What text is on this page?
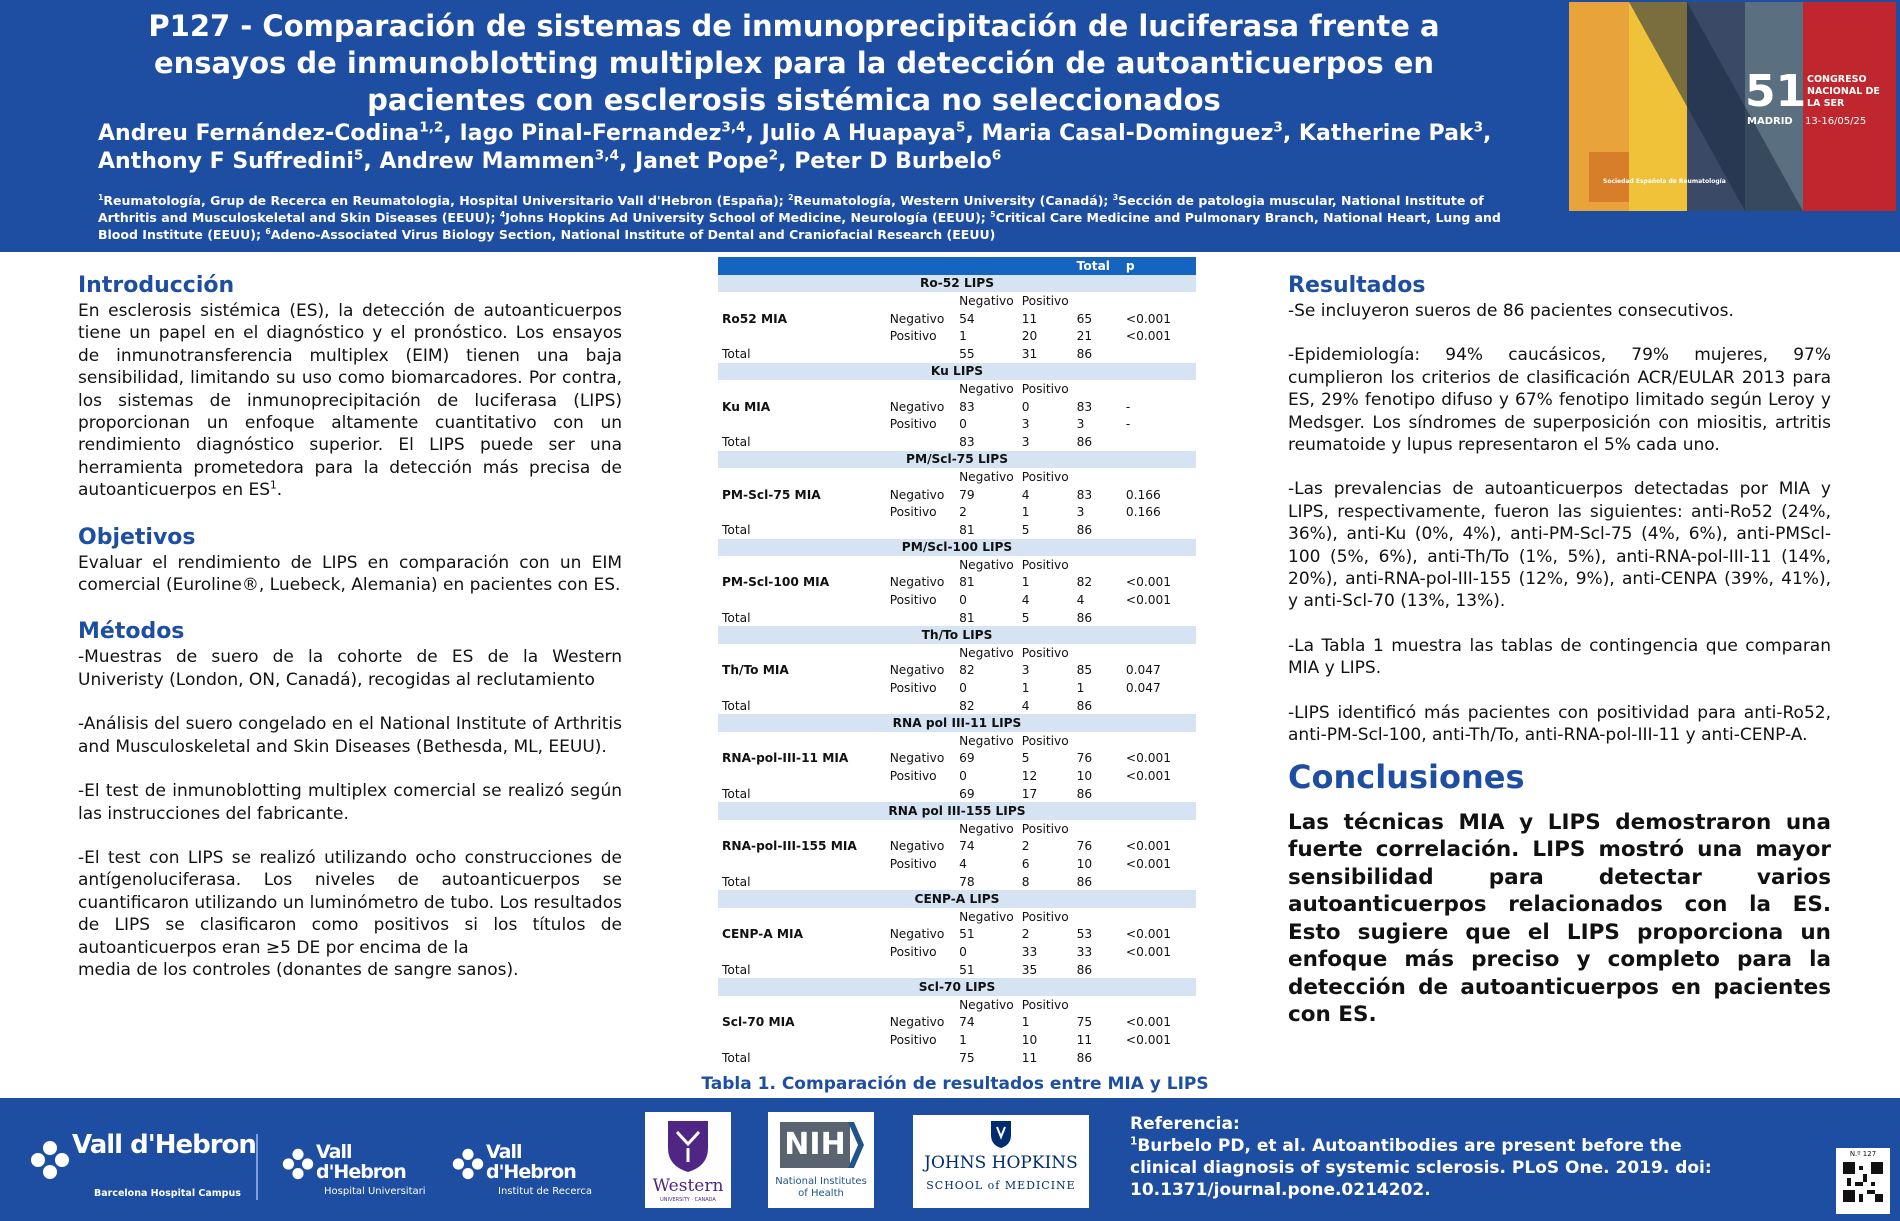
P127 - Comparación de sistemas de inmunoprecipitación de luciferasa frente a ensayos de inmunoblotting multiplex para la detección de autoanticuerpos en pacientes con esclerosis sistémica no seleccionados
Andreu Fernández-Codina$^{1,2}$, Iago Pinal-Fernandez$^{3,4}$, Julio A Huapaya$^5$, Maria Casal-Dominguez$^3$, Katherine Pak$^3$, Anthony F Suffredini$^5$, Andrew Mammen$^{3,4}$, Janet Pope$^2$, Peter D Burbelo$^6$
$^1$Reumatología, Grup de Recerca en Reumatologia, Hospital Universitario Vall d'Hebron (España); $^2$Reumatología, Western University (Canadá); $^3$Sección de patologia muscular, National Institute of Arthritis and Musculoskeletal and Skin Diseases (EEUU); $^4$Johns Hopkins Ad University School of Medicine, Neurología (EEUU); $^5$Critical Care Medicine and Pulmonary Branch, National Heart, Lung and Blood Institute (EEUU); $^6$Adeno-Associated Virus Biology Section, National Institute of Dental and Craniofacial Research (EEUU)
51 CONGRESO NACIONAL DE LA SER
MADRID 13-16/05/25
Sociedad Española de Reumatología
Introducción
En esclerosis sistémica (ES), la detección de autoanticuerpos tiene un papel en el diagnóstico y el pronóstico. Los ensayos de inmunotransferencia multiplex (EIM) tienen una baja sensibilidad, limitando su uso como biomarcadores. Por contra, los sistemas de inmunoprecipitación de luciferasa (LIPS) proporcionan un enfoque altamente cuantitativo con un rendimiento diagnóstico superior. El LIPS puede ser una herramienta prometedora para la detección más precisa de autoanticuerpos en $ES^1$.
Objetivos
Evaluar el rendimiento de LIPS en comparación con un EIM comercial (Euroline®, Luebeck, Alemania) en pacientes con ES.
Métodos
-Muestras de suero de la cohorte de ES de la Western Univeristy (London, ON, Canadá), recogidas al reclutamiento
-Análisis del suero congelado en el National Institute of Arthritis and Musculoskeletal and Skin Diseases (Bethesda, ML, EEUU).
-El test de inmunoblotting multiplex comercial se realizó según las instrucciones del fabricante.
-El test con LIPS se realizó utilizando ocho construcciones de antígenoluciferasa. Los niveles de autoanticuerpos se cuantificaron utilizando un luminómetro de tubo. Los resultados de LIPS se clasificaron como positivos si los títulos de autoanticuerpos eran ≥5 DE por encima de la
media de los controles (donantes de sangre sanos).
				Total	p
Ro-52 LIPS					
		Negativo	Positivo		
Ro52 MIA	Negativo	54	11	65	<0.001
	Positivo	1	20	21	<0.001
Total		55	31	86	
Ku LIPS					
		Negativo	Positivo		
Ku MIA	Negativo	83	0	83	-
	Positivo	0	3	3	-
Total		83	3	86	
PM/Scl-75 LIPS					
		Negativo	Positivo		
PM-Scl-75 MIA	Negativo	79	4	83	0.166
	Positivo	2	1	3	0.166
Total		81	5	86	
PM/Scl-100 LIPS					
		Negativo	Positivo		
PM-Scl-100 MIA	Negativo	81	1	82	<0.001
	Positivo	0	4	4	<0.001
Total		81	5	86	
Th/To LIPS					
		Negativo	Positivo		
Th/To MIA	Negativo	82	3	85	0.047
	Positivo	0	1	1	0.047
Total		82	4	86	
RNA pol III-11 LIPS					
		Negativo	Positivo		
RNA-pol-III-11 MIA	Negativo	69	5	76	<0.001
	Positivo	0	12	10	<0.001
Total		69	17	86	
RNA pol III-155 LIPS					
		Negativo	Positivo		
RNA-pol-III-155 MIA	Negativo	74	2	76	<0.001
	Positivo	4	6	10	<0.001
Total		78	8	86	
CENP-A LIPS					
		Negativo	Positivo		
CENP-A MIA	Negativo	51	2	53	<0.001
	Positivo	0	33	33	<0.001
Total		51	35	86	
Scl-70 LIPS					
		Negativo	Positivo		
Scl-70 MIA	Negativo	74	1	75	<0.001
	Positivo	1	10	11	<0.001
Total		75	11	86	
Tabla 1. Comparación de resultados entre MIA y LIPS
Resultados
-Se incluyeron sueros de 86 pacientes consecutivos.
-Epidemiología: 94% caucásicos, 79% mujeres, 97% cumplieron los criterios de clasificación ACR/EULAR 2013 para ES, 29% fenotipo difuso y 67% fenotipo limitado según Leroy y Medsger. Los síndromes de superposición con miositis, artritis reumatoide y lupus representaron el 5% cada uno.
-Las prevalencias de autoanticuerpos detectadas por MIA y LIPS, respectivamente, fueron las siguientes: anti-Ro52 (24%, 36%), anti-Ku (0%, 4%), anti-PM-Scl-75 (4%, 6%), anti-PMScl-100 (5%, 6%), anti-Th/To (1%, 5%), anti-RNA-pol-III-11 (14%, 20%), anti-RNA-pol-III-155 (12%, 9%), anti-CENPA (39%, 41%), y anti-Scl-70 (13%, 13%).
-La Tabla 1 muestra las tablas de contingencia que comparan MIA y LIPS.
-LIPS identificó más pacientes con positividad para anti-Ro52, anti-PM-Scl-100, anti-Th/To, anti-RNA-pol-III-11 y anti-CENP-A.
Conclusiones
Las técnicas MIA y LIPS demostraron una fuerte correlación. LIPS mostró una mayor sensibilidad para detectar varios autoanticuerpos relacionados con la ES. Esto sugiere que el LIPS proporciona un enfoque más preciso y completo para la detección de autoanticuerpos en pacientes con ES.
Vall d'Hebron
Barcelona Hospital Campus
Vall d'Hebron
Hospital Universitari
Vall d'Hebron
Institut de Recerca	Western
UNIVERSITY · CANADA
NIH
National Institutes of Health
JOHNS HOPKINS
SCHOOL of MEDICINE
Referencia:
$^1$Burbelo PD, et al. Autoantibodies are present before the clinical diagnosis of systemic sclerosis. PLoS One. 2019. doi: 10.1371/journal.pone.0214202.
N.º 127
